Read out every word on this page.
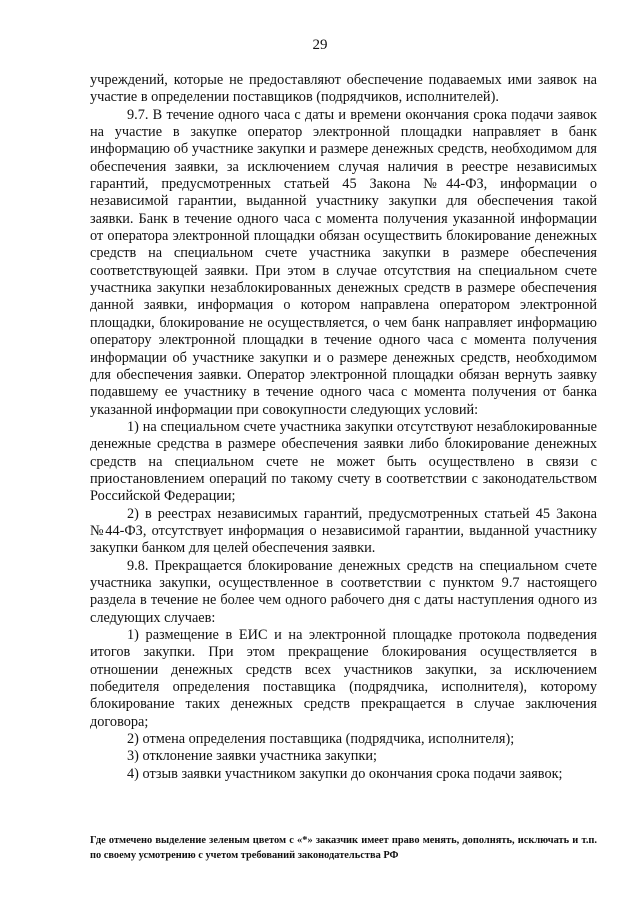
29

учреждений, которые не предоставляют обеспечение подаваемых ими заявок на участие в определении поставщиков (подрядчиков, исполнителей).

9.7. В течение одного часа с даты и времени окончания срока подачи заявок на участие в закупке оператор электронной площадки направляет в банк информацию об участнике закупки и размере денежных средств, необходимом для обеспечения заявки, за исключением случая наличия в реестре независимых гарантий, предусмотренных статьей 45 Закона №44-ФЗ, информации о независимой гарантии, выданной участнику закупки для обеспечения такой заявки. Банк в течение одного часа с момента получения указанной информации от оператора электронной площадки обязан осуществить блокирование денежных средств на специальном счете участника закупки в размере обеспечения соответствующей заявки. При этом в случае отсутствия на специальном счете участника закупки незаблокированных денежных средств в размере обеспечения данной заявки, информация о котором направлена оператором электронной площадки, блокирование не осуществляется, о чем банк направляет информацию оператору электронной площадки в течение одного часа с момента получения информации об участнике закупки и о размере денежных средств, необходимом для обеспечения заявки. Оператор электронной площадки обязан вернуть заявку подавшему ее участнику в течение одного часа с момента получения от банка указанной информации при совокупности следующих условий:

1) на специальном счете участника закупки отсутствуют незаблокированные денежные средства в размере обеспечения заявки либо блокирование денежных средств на специальном счете не может быть осуществлено в связи с приостановлением операций по такому счету в соответствии с законодательством Российской Федерации;

2) в реестрах независимых гарантий, предусмотренных статьей 45 Закона №44-ФЗ, отсутствует информация о независимой гарантии, выданной участнику закупки банком для целей обеспечения заявки.

9.8. Прекращается блокирование денежных средств на специальном счете участника закупки, осуществленное в соответствии с пунктом 9.7 настоящего раздела в течение не более чем одного рабочего дня с даты наступления одного из следующих случаев:

1) размещение в ЕИС и на электронной площадке протокола подведения итогов закупки. При этом прекращение блокирования осуществляется в отношении денежных средств всех участников закупки, за исключением победителя определения поставщика (подрядчика, исполнителя), которому блокирование таких денежных средств прекращается в случае заключения договора;

2) отмена определения поставщика (подрядчика, исполнителя);

3) отклонение заявки участника закупки;

4) отзыв заявки участником закупки до окончания срока подачи заявок;

Где отмечено выделение зеленым цветом с «*» заказчик имеет право менять, дополнять, исключать и т.п. по своему усмотрению с учетом требований законодательства РФ
